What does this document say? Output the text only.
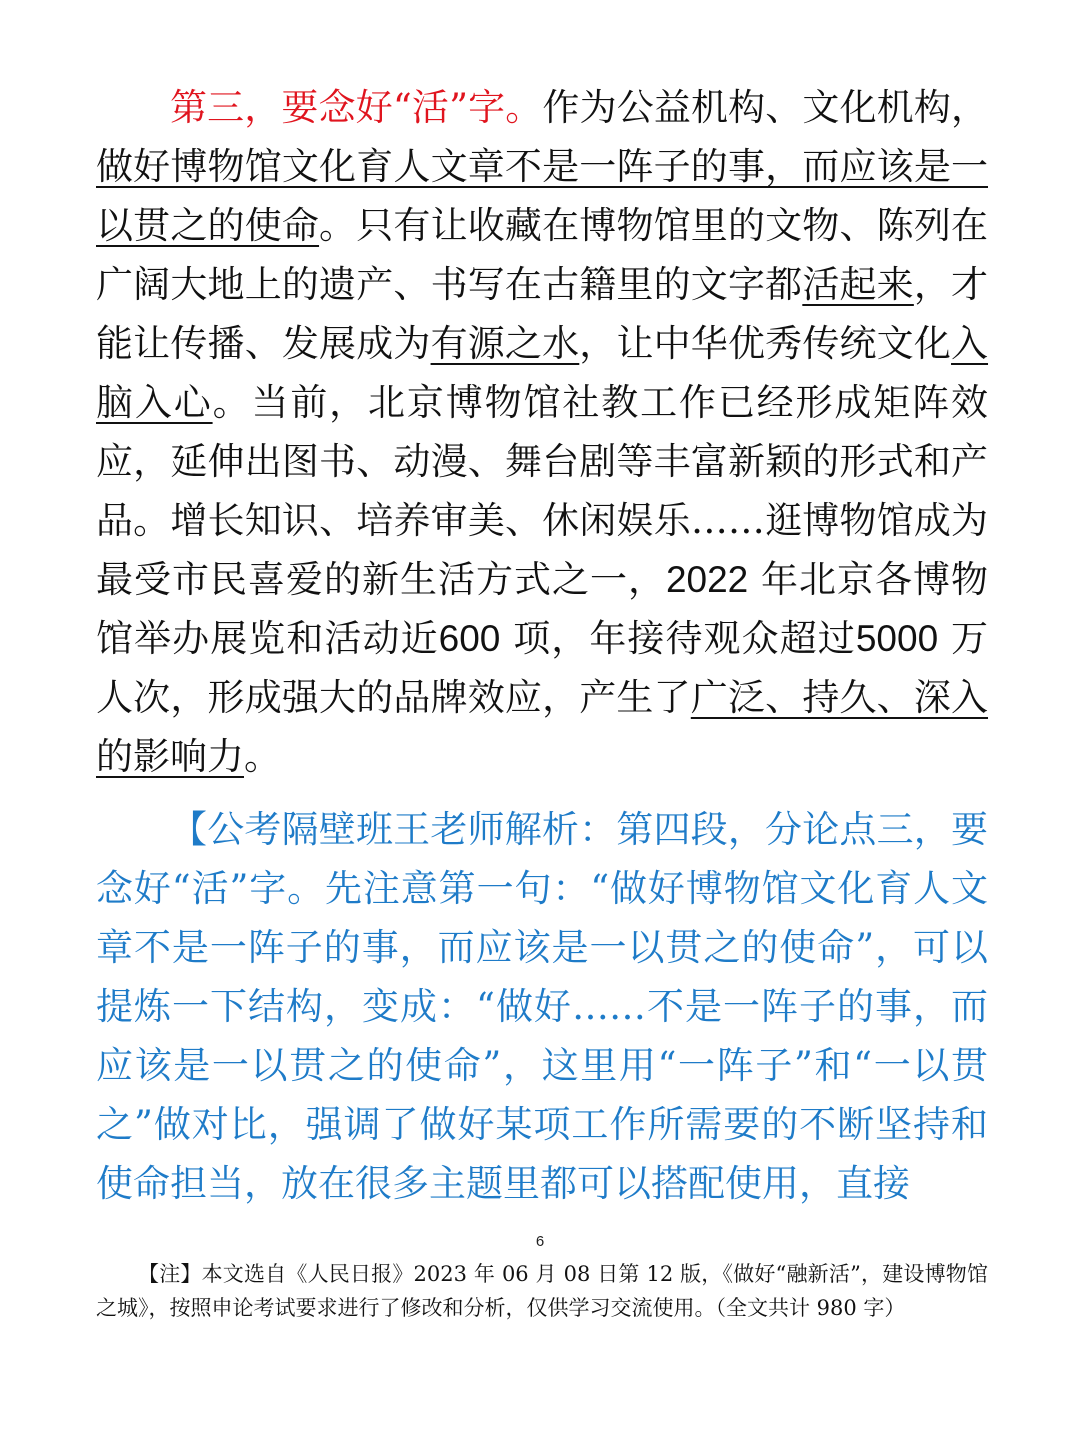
第三，要念好“活”字。作为公益机构、文化机构，做好博物馆文化育人文章不是一阵子的事，而应该是一以贯之的使命。只有让收藏在博物馆里的文物、陈列在广阔大地上的遗产、书写在古籍里的文字都活起来，才能让传播、发展成为有源之水，让中华优秀传统文化入脑入心。当前，北京博物馆社教工作已经形成矩阵效应，延伸出图书、动漫、舞台剧等丰富新颖的形式和产品。增长知识、培养审美、休闲娱乐……逛博物馆成为最受市民喜爱的新生活方式之一，2022 年北京各博物馆举办展览和活动近600 项，年接待观众超过5000 万人次，形成强大的品牌效应，产生了广泛、持久、深入的影响力。

【公考隔壁班王老师解析：第四段，分论点三，要念好“活”字。先注意第一句：“做好博物馆文化育人文章不是一阵子的事，而应该是一以贯之的使命”，可以提炼一下结构，变成：“做好……不是一阵子的事，而应该是一以贯之的使命”，这里用“一阵子”和“一以贯之”做对比，强调了做好某项工作所需要的不断坚持和使命担当，放在很多主题里都可以搭配使用，直接

6

【注】本文选自《人民日报》2023 年 06 月 08 日第 12 版，《做好“融新活”，建设博物馆之城》，按照申论考试要求进行了修改和分析，仅供学习交流使用。（全文共计 980 字）
